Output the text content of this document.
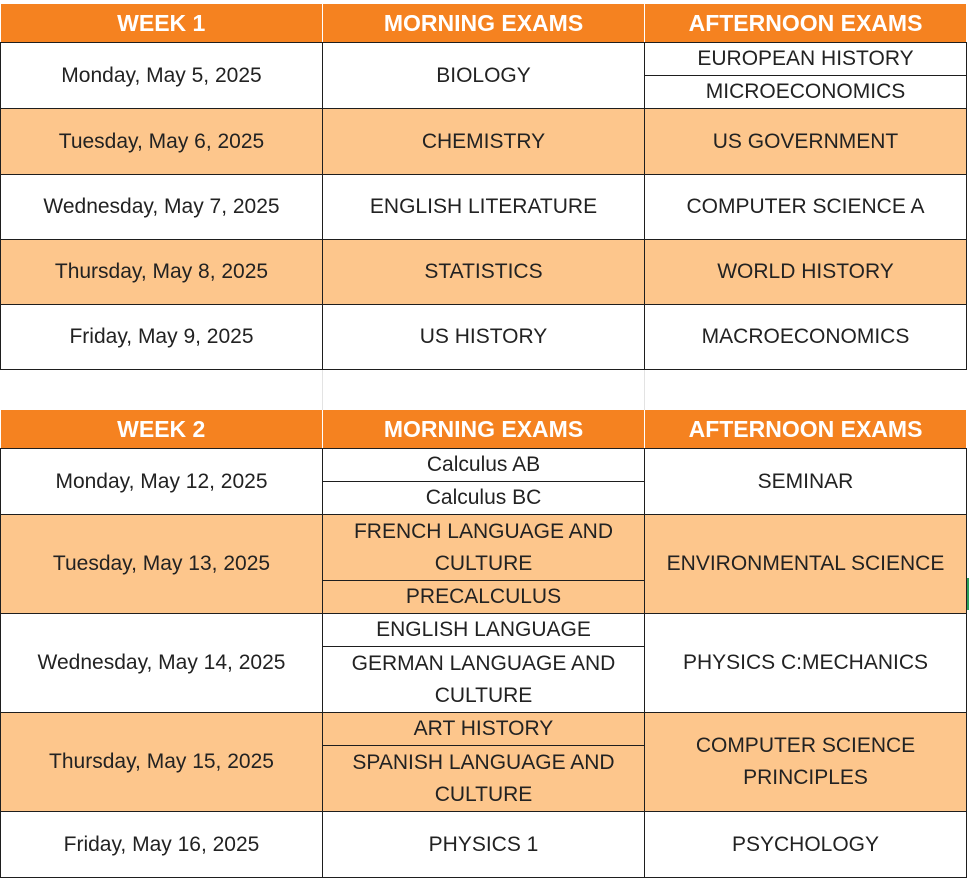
WEEK 1	MORNING EXAMS	AFTERNOON EXAMS
Monday, May 5, 2025	BIOLOGY	EUROPEAN HISTORY
		MICROECONOMICS
Tuesday, May 6, 2025	CHEMISTRY	US GOVERNMENT
Wednesday, May 7, 2025	ENGLISH LITERATURE	COMPUTER SCIENCE A
Thursday, May 8, 2025	STATISTICS	WORLD HISTORY
Friday, May 9, 2025	US HISTORY	MACROECONOMICS
WEEK 2	MORNING EXAMS	AFTERNOON EXAMS
Monday, May 12, 2025	Calculus AB	SEMINAR
	Calculus BC	
Tuesday, May 13, 2025	FRENCH LANGUAGE AND CULTURE	ENVIRONMENTAL SCIENCE
	PRECALCULUS	
Wednesday, May 14, 2025	ENGLISH LANGUAGE	PHYSICS C:MECHANICS
	GERMAN LANGUAGE AND CULTURE	
Thursday, May 15, 2025	ART HISTORY	COMPUTER SCIENCE PRINCIPLES
	SPANISH LANGUAGE AND CULTURE	
Friday, May 16, 2025	PHYSICS 1	PSYCHOLOGY
